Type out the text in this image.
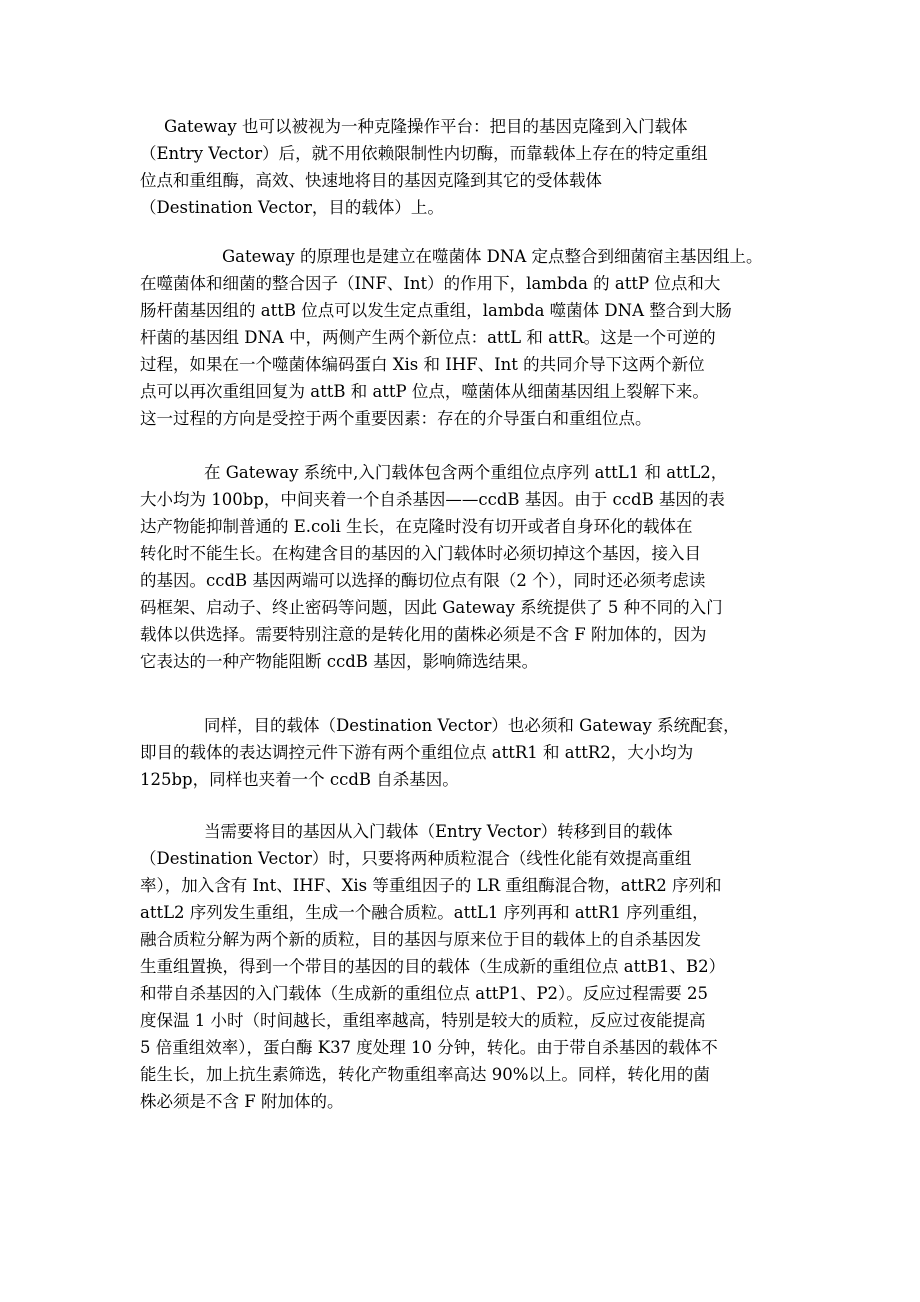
Gateway 也可以被视为一种克隆操作平台：把目的基因克隆到入门载体
（Entry Vector）后，就不用依赖限制性内切酶，而靠载体上存在的特定重组
位点和重组酶，高效、快速地将目的基因克隆到其它的受体载体
（Destination Vector，目的载体）上。
Gateway 的原理也是建立在噬菌体 DNA 定点整合到细菌宿主基因组上。
在噬菌体和细菌的整合因子（INF、Int）的作用下，lambda 的 attP 位点和大
肠杆菌基因组的 attB 位点可以发生定点重组，lambda 噬菌体 DNA 整合到大肠
杆菌的基因组 DNA 中，两侧产生两个新位点：attL 和 attR。这是一个可逆的
过程，如果在一个噬菌体编码蛋白 Xis 和 IHF、Int 的共同介导下这两个新位
点可以再次重组回复为 attB 和 attP 位点，噬菌体从细菌基因组上裂解下来。
这一过程的方向是受控于两个重要因素：存在的介导蛋白和重组位点。
在 Gateway 系统中,入门载体包含两个重组位点序列 attL1 和 attL2，
大小均为 100bp，中间夹着一个自杀基因——ccdB 基因。由于 ccdB 基因的表
达产物能抑制普通的 E.coli 生长，在克隆时没有切开或者自身环化的载体在
转化时不能生长。在构建含目的基因的入门载体时必须切掉这个基因，接入目
的基因。ccdB 基因两端可以选择的酶切位点有限（2 个），同时还必须考虑读
码框架、启动子、终止密码等问题，因此 Gateway 系统提供了 5 种不同的入门
载体以供选择。需要特别注意的是转化用的菌株必须是不含 F 附加体的，因为
它表达的一种产物能阻断 ccdB 基因，影响筛选结果。
同样，目的载体（Destination Vector）也必须和 Gateway 系统配套，
即目的载体的表达调控元件下游有两个重组位点 attR1 和 attR2，大小均为
125bp，同样也夹着一个 ccdB 自杀基因。
当需要将目的基因从入门载体（Entry Vector）转移到目的载体
（Destination Vector）时，只要将两种质粒混合（线性化能有效提高重组
率），加入含有 Int、IHF、Xis 等重组因子的 LR 重组酶混合物，attR2 序列和
attL2 序列发生重组，生成一个融合质粒。attL1 序列再和 attR1 序列重组，
融合质粒分解为两个新的质粒，目的基因与原来位于目的载体上的自杀基因发
生重组置换，得到一个带目的基因的目的载体（生成新的重组位点 attB1、B2）
和带自杀基因的入门载体（生成新的重组位点 attP1、P2）。反应过程需要 25
度保温 1 小时（时间越长，重组率越高，特别是较大的质粒，反应过夜能提高
5 倍重组效率），蛋白酶 K37 度处理 10 分钟，转化。由于带自杀基因的载体不
能生长，加上抗生素筛选，转化产物重组率高达 90%以上。同样，转化用的菌
株必须是不含 F 附加体的。
